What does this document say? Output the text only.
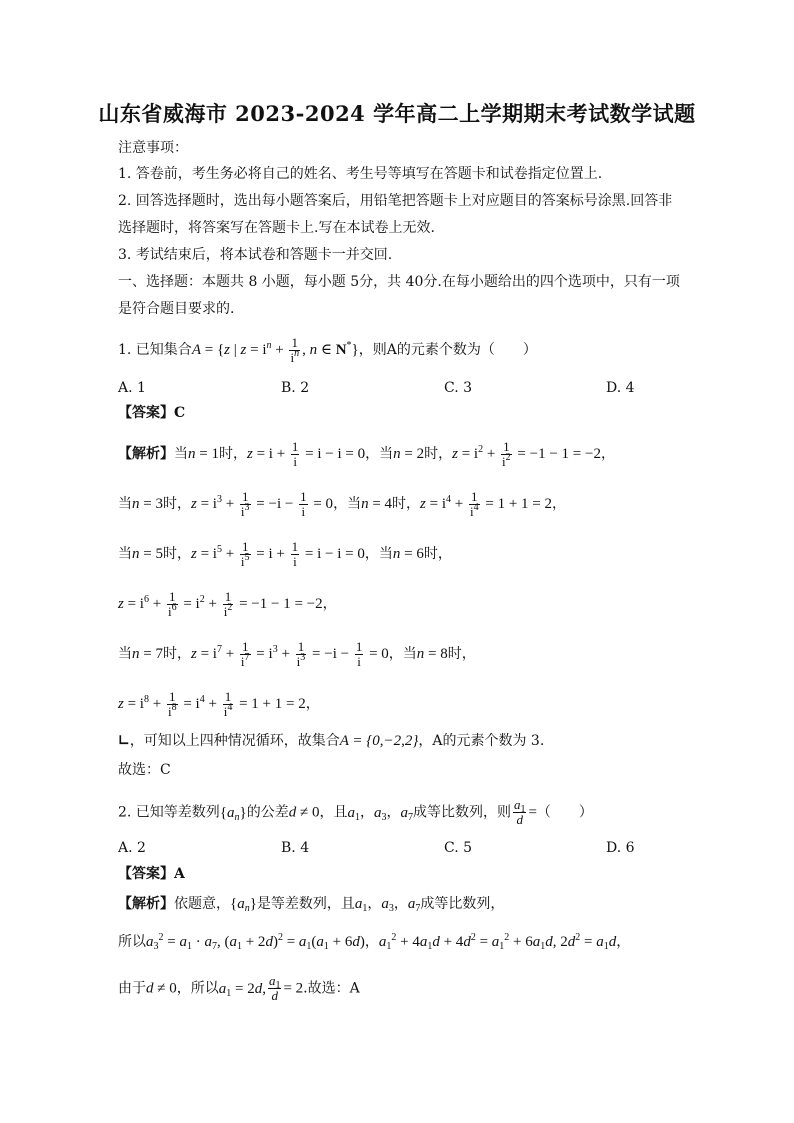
山东省威海市 2023-2024 学年高二上学期期末考试数学试题
注意事项：
1. 答卷前，考生务必将自己的姓名、考生号等填写在答题卡和试卷指定位置上.
2. 回答选择题时，选出每小题答案后，用铅笔把答题卡上对应题目的答案标号涂黑.回答非
选择题时，将答案写在答题卡上.写在本试卷上无效.
3. 考试结束后，将本试卷和答题卡一并交回.
一、选择题：本题共 8 小题，每小题 5分，共 40分.在每小题给出的四个选项中，只有一项
是符合题目要求的.
1. 已知集合A = {z | $z = i^n + \frac{1}{i^n}$ , n ∈ N*}，则A的元素个数为（　　）
A. 1	B. 2	C. 3	D. 4
【答案】C
【解析】当n = 1时，$z = i + \frac{1}{i} = i - i = 0$，当n = 2时，$z = i^2 + \frac{1}{i^2} = -1 - 1 = -2$，
当n = 3时，$z = i^3 + \frac{1}{i^3} = -i - \frac{1}{i} = 0$，当n = 4时，$z = i^4 + \frac{1}{i^4} = 1 + 1 = 2$，
当n = 5时，$z = i^5 + \frac{1}{i^5} = i + \frac{1}{i} = i - i = 0$，当n = 6时，
$z = i^6 + \frac{1}{i^6} = i^2 + \frac{1}{i^2} = -1 - 1 = -2$，
当n = 7时，$z = i^7 + \frac{1}{i^7} = i^3 + \frac{1}{i^3} = -i - \frac{1}{i} = 0$，当n = 8时，
$z = i^8 + \frac{1}{i^8} = i^4 + \frac{1}{i^4} = 1 + 1 = 2$，
∟，可知以上四种情况循环，故集合A = {0,−2,2}，A的元素个数为 3.
故选：C
2. 已知等差数列$\{a_n\}$的公差d ≠ 0，且$a_1$，$a_3$，$a_7$成等比数列，则 $\frac{a_1}{d}$ =（　　）
A. 2	B. 4	C. 5	D. 6
【答案】A
【解析】依题意，$\{a_n\}$是等差数列，且$a_1$，$a_3$，$a_7$成等比数列，
所以$a_3^2 = a_1 \cdot a_7$, $(a_1 + 2d)^2 = a_1(a_1 + 6d)$，$a_1^2 + 4a_1d + 4d^2 = a_1^2 + 6a_1d$, $2d^2 = a_1d$，
由于d ≠ 0，所以$a_1 = 2d$, $\frac{a_1}{d} = 2$.故选：A
